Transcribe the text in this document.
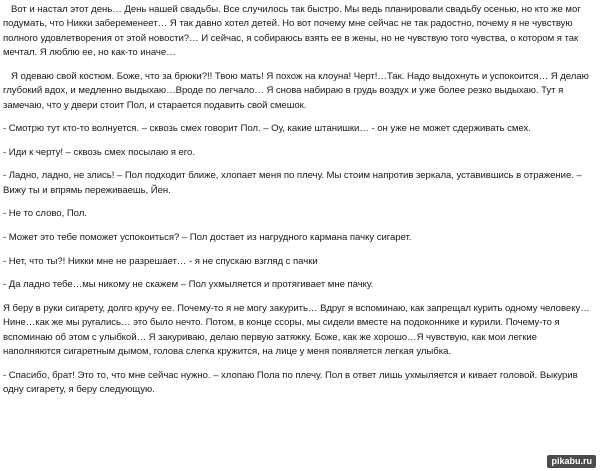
Вот и настал этот день… День нашей свадьбы. Все случилось так быстро. Мы ведь планировали свадьбу осенью, но кто же мог подумать, что Никки забеременеет… Я так давно хотел детей. Но вот почему мне сейчас не так радостно, почему я не чувствую полного удовлетворения от этой новости?… И сейчас, я собираюсь взять ее в жены, но не чувствую того чувства, о котором я так мечтал. Я люблю ее, но как-то иначе…

Я одеваю свой костюм. Боже, что за брюки?!! Твою мать! Я похож на клоуна! Черт!…Так. Надо выдохнуть и успокоится… Я делаю глубокий вдох, и медленно выдыхаю…Вроде по легчало… Я снова набираю в грудь воздух и уже более резко выдыхаю. Тут я замечаю, что у двери стоит Пол, и старается подавить свой смешок.

- Смотрю тут кто-то волнуется. – сквозь смех говорит Пол. – Оу, какие штанишки… - он уже не может сдерживать смех.

- Иди к черту! – сквозь смех посылаю я его.

- Ладно, ладно, не злись! – Пол подходит ближе, хлопает меня по плечу. Мы стоим напротив зеркала, уставившись в отражение. – Вижу ты и впрямь переживаешь, Йен.

- Не то слово, Пол.

- Может это тебе поможет успокоиться? – Пол достает из нагрудного кармана пачку сигарет.

- Нет, что ты?! Никки мне не разрешает… - я не спускаю взгляд с пачки

- Да ладно тебе…мы никому не скажем – Пол ухмыляется и протягивает мне пачку.

Я беру в руки сигарету, долго кручу ее. Почему-то я не могу закурить… Вдруг я вспоминаю, как запрещал курить одному человеку… Нине…как же мы ругались… это было нечто. Потом, в конце ссоры, мы сидели вместе на подоконнике и курили. Почему-то я вспоминаю об этом с улыбкой… Я закуриваю, делаю первую затяжку. Боже, как же хорошо…Я чувствую, как мои легкие наполняются сигаретным дымом, голова слегка кружится, на лице у меня появляется легкая улыбка.

- Спасибо, брат! Это то, что мне сейчас нужно. – хлопаю Пола по плечу. Пол в ответ лишь ухмыляется и кивает головой. Выкурив одну сигарету, я беру следующую.

pikabu.ru
